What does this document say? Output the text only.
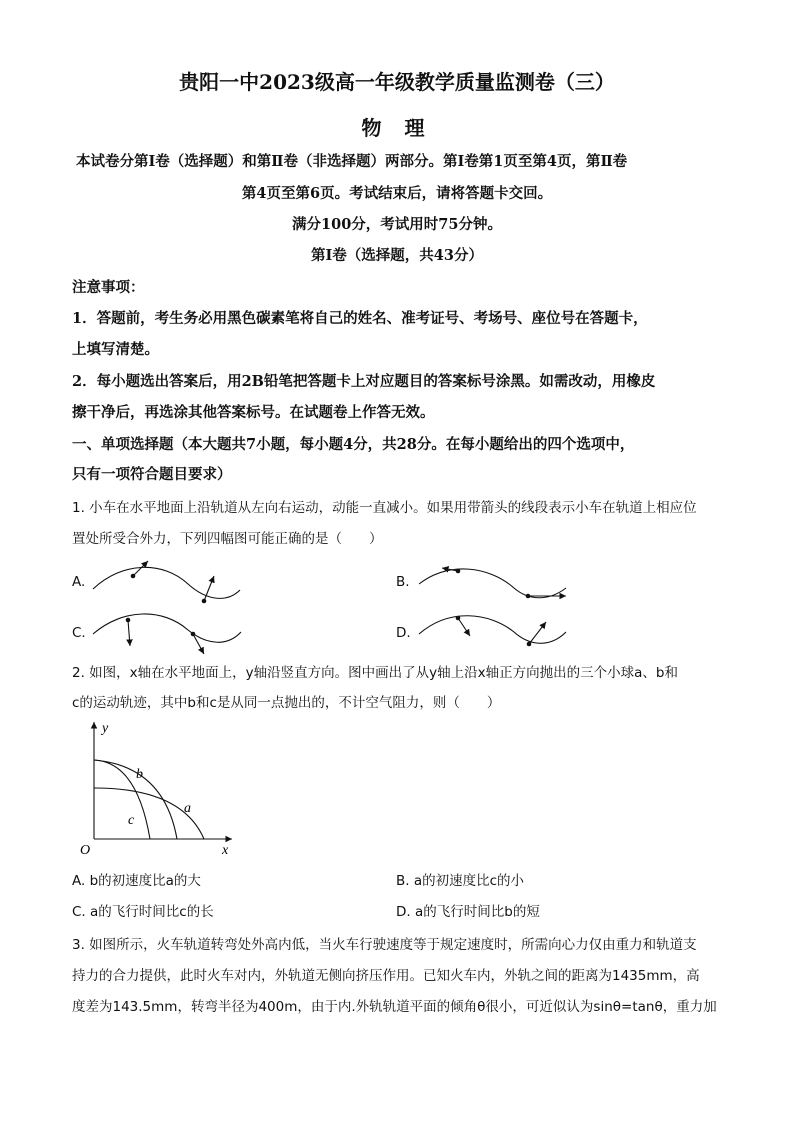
贵阳一中2023级高一年级教学质量监测卷（三）
物 理
本试卷分第Ⅰ卷（选择题）和第Ⅱ卷（非选择题）两部分。第Ⅰ卷第1页至第4页，第Ⅱ卷
第4页至第6页。考试结束后，请将答题卡交回。
满分100分，考试用时75分钟。
第Ⅰ卷（选择题，共43分）
注意事项：
1．答题前，考生务必用黑色碳素笔将自己的姓名、准考证号、考场号、座位号在答题卡，
上填写清楚。
2．每小题选出答案后，用2B铅笔把答题卡上对应题目的答案标号涂黑。如需改动，用橡皮
擦干净后，再选涂其他答案标号。在试题卷上作答无效。
一、单项选择题（本大题共7小题，每小题4分，共28分。在每小题给出的四个选项中，
只有一项符合题目要求）
1. 小车在水平地面上沿轨道从左向右运动，动能一直减小。如果用带箭头的线段表示小车在轨道上相应位
置处所受合外力，下列四幅图可能正确的是（　　）
A.	B.
C.	D.
2. 如图，x轴在水平地面上，y轴沿竖直方向。图中画出了从y轴上沿x轴正方向抛出的三个小球a、b和
c的运动轨迹，其中b和c是从同一点抛出的，不计空气阻力，则（　　）
y
x
O
b
a
c
A. b的初速度比a的大	B. a的初速度比c的小
C. a的飞行时间比c的长	D. a的飞行时间比b的短
3. 如图所示，火车轨道转弯处外高内低，当火车行驶速度等于规定速度时，所需向心力仅由重力和轨道支
持力的合力提供，此时火车对内，外轨道无侧向挤压作用。已知火车内，外轨之间的距离为1435mm，高
度差为143.5mm，转弯半径为400m，由于内.外轨轨道平面的倾角θ很小，可近似认为sinθ=tanθ，重力加
